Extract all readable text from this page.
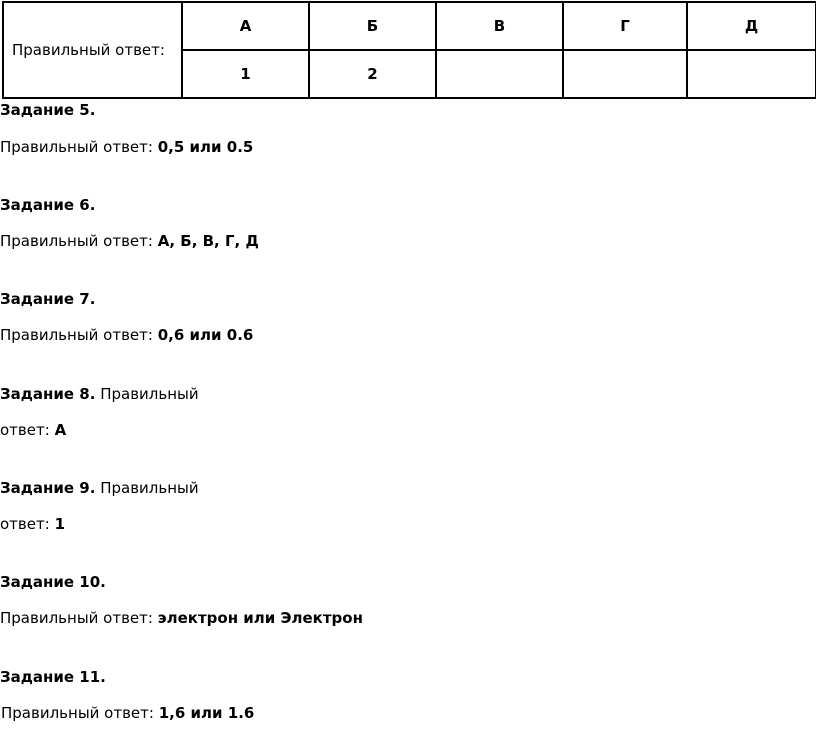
Правильный ответ:	А	Б	В	Г	Д
	1	2			
Задание 5.
Правильный ответ: 0,5 или 0.5
Задание 6.
Правильный ответ: А, Б, В, Г, Д
Задание 7.
Правильный ответ: 0,6 или 0.6
Задание 8. Правильный
ответ: А
Задание 9. Правильный
ответ: 1
Задание 10.
Правильный ответ: электрон или Электрон
Задание 11.
Правильный ответ: 1,6 или 1.6
